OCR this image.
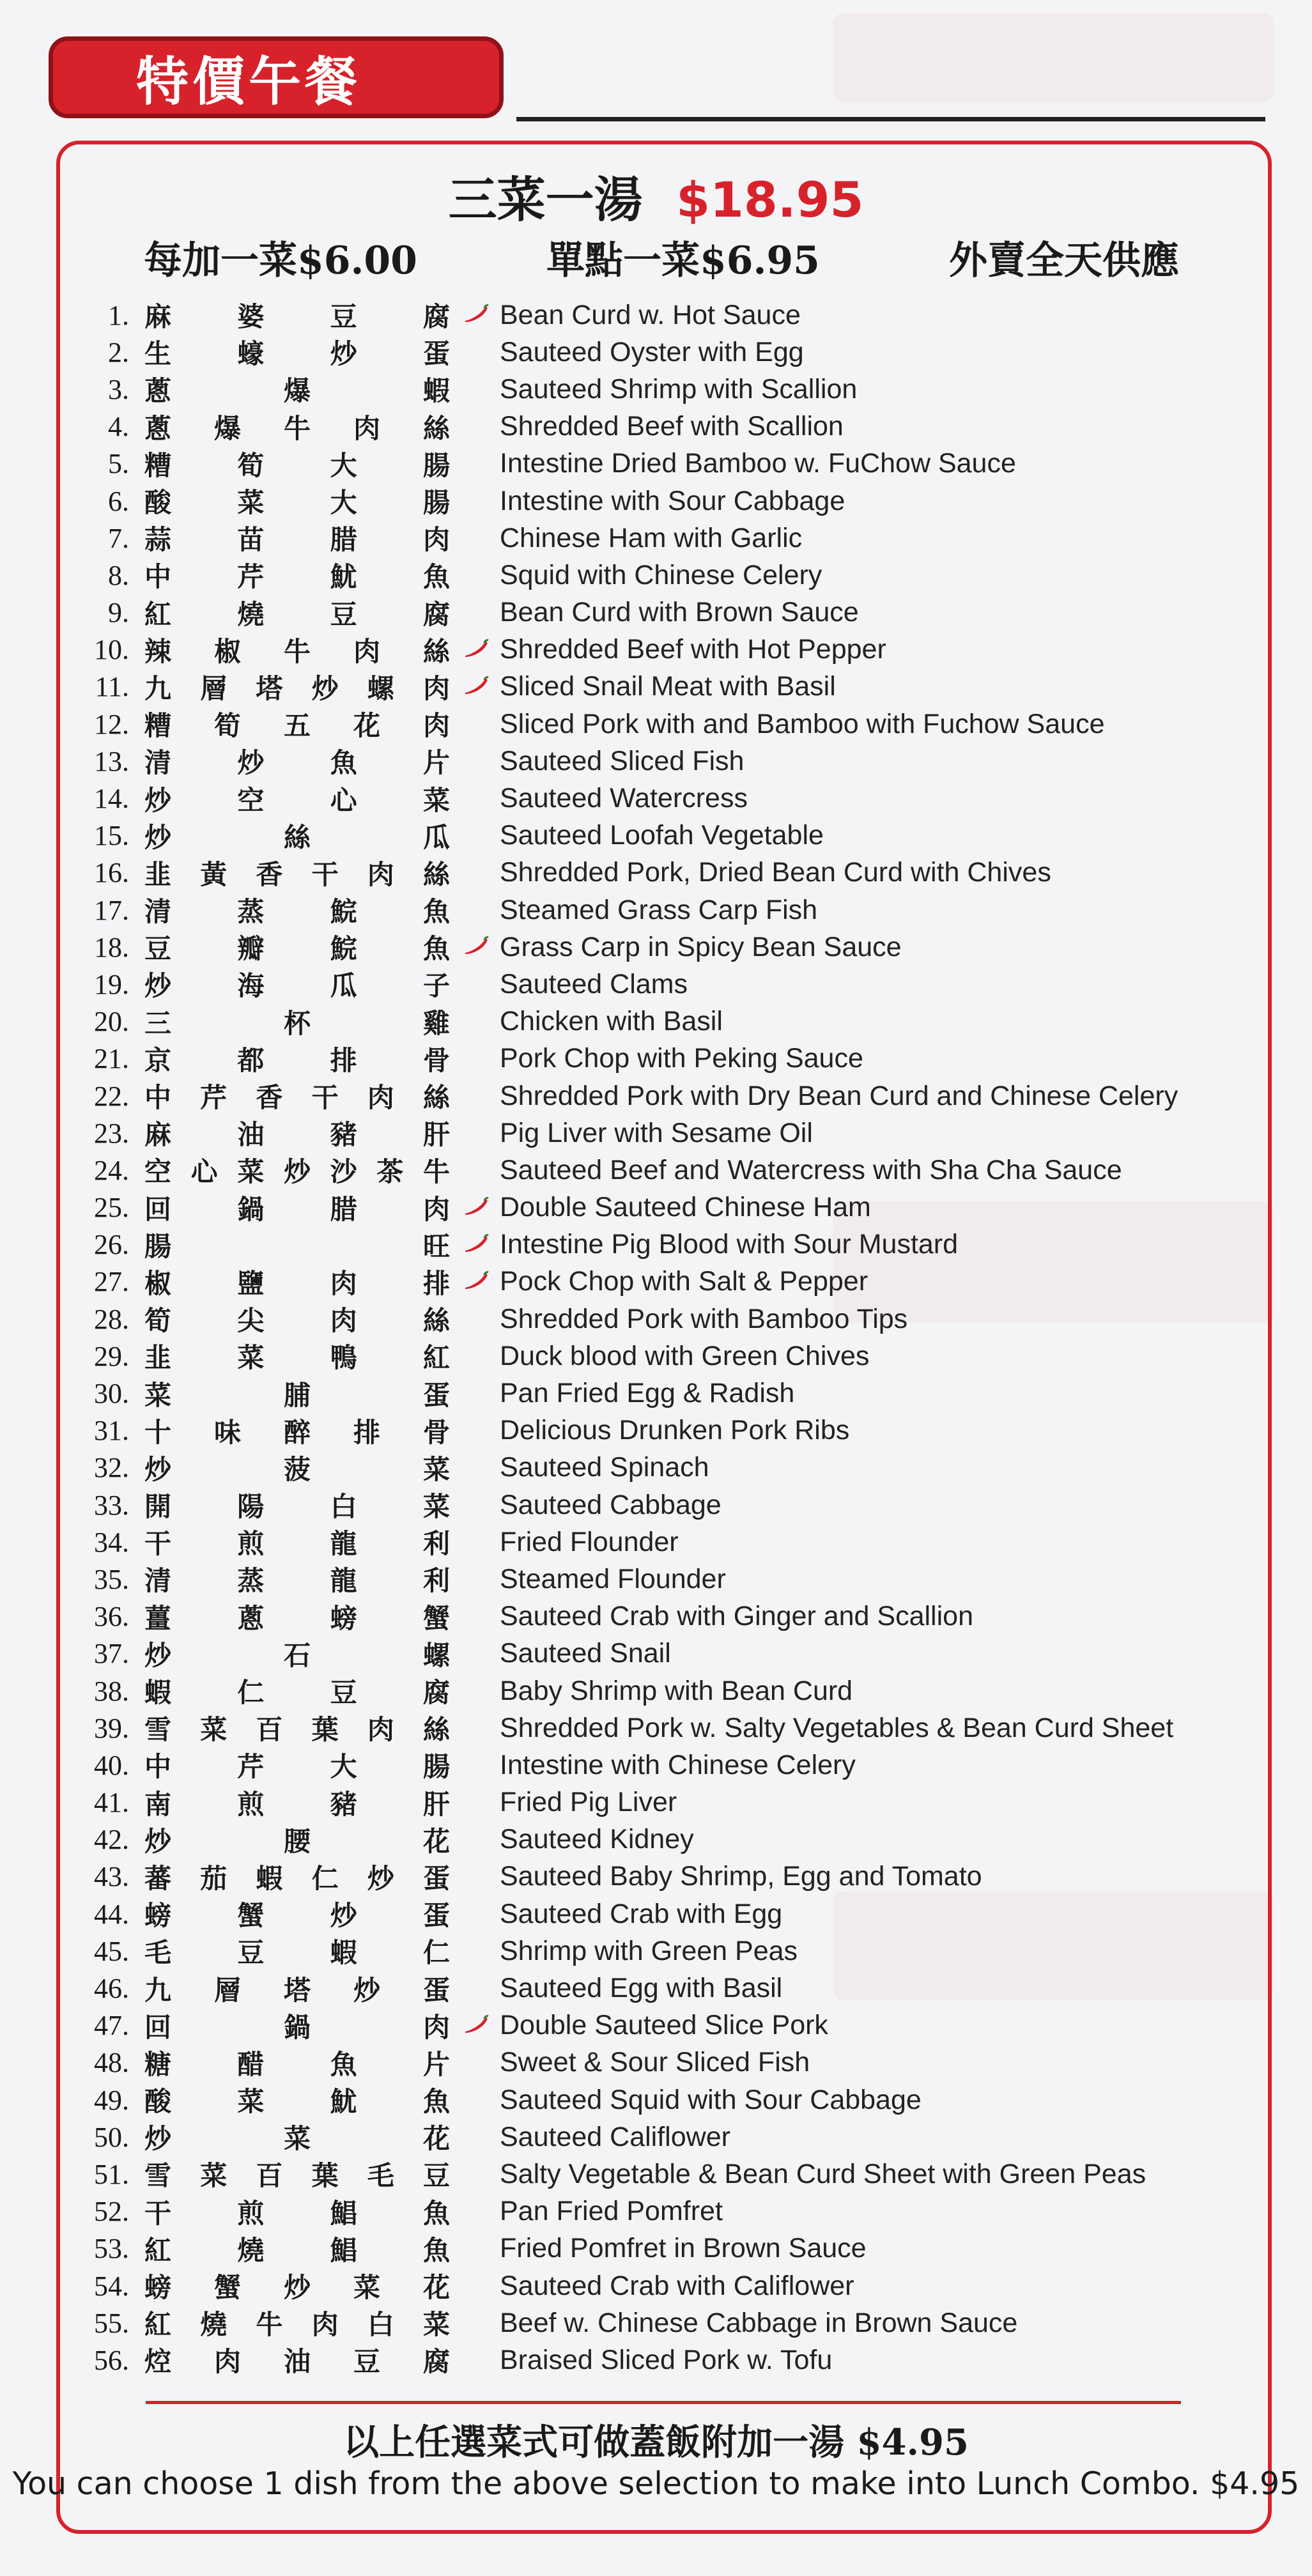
特價午餐
三菜一湯 $18.95
每加一菜$6.00	單點一菜$6.95	外賣全天供應
1. 麻 婆 豆 腐 Bean Curd w. Hot Sauce
2. 生 蠔 炒 蛋 Sauteed Oyster with Egg
3. 蔥	爆	蝦 Sauteed Shrimp with Scallion
4. 蔥 爆 牛 肉 絲 Shredded Beef with Scallion
5. 糟 筍 大 腸 Intestine Dried Bamboo w. FuChow Sauce
6. 酸 菜 大 腸 Intestine with Sour Cabbage
7. 蒜 苗 腊 肉 Chinese Ham with Garlic
8. 中 芹 魷 魚 Squid with Chinese Celery
9. 紅 燒 豆 腐 Bean Curd with Brown Sauce
10. 辣 椒 牛 肉 絲 Shredded Beef with Hot Pepper
11. 九 層 塔 炒 螺 肉 Sliced Snail Meat with Basil
12. 糟 筍 五 花 肉 Sliced Pork with and Bamboo with Fuchow Sauce
13. 清 炒 魚 片 Sauteed Sliced Fish
14. 炒 空 心 菜 Sauteed Watercress
15. 炒	絲	瓜 Sauteed Loofah Vegetable
16. 韭 黃 香 干 肉 絲 Shredded Pork, Dried Bean Curd with Chives
17. 清 蒸 鯇 魚 Steamed Grass Carp Fish
18. 豆 瓣 鯇 魚 Grass Carp in Spicy Bean Sauce
19. 炒 海 瓜 子 Sauteed Clams
20. 三	杯	雞 Chicken with Basil
21. 京 都 排 骨 Pork Chop with Peking Sauce
22. 中 芹 香 干 肉 絲 Shredded Pork with Dry Bean Curd and Chinese Celery
23. 麻 油 豬 肝 Pig Liver with Sesame Oil
24. 空 心 菜 炒 沙 茶 牛 Sauteed Beef and Watercress with Sha Cha Sauce
25. 回 鍋 腊 肉 Double Sauteed Chinese Ham
26. 腸	旺 Intestine Pig Blood with Sour Mustard
27. 椒 鹽 肉 排 Pock Chop with Salt & Pepper
28. 筍 尖 肉 絲 Shredded Pork with Bamboo Tips
29. 韭 菜 鴨 紅 Duck blood with Green Chives
30. 菜	脯	蛋 Pan Fried Egg & Radish
31. 十 味 醉 排 骨 Delicious Drunken Pork Ribs
32. 炒	菠	菜 Sauteed Spinach
33. 開 陽 白 菜 Sauteed Cabbage
34. 干 煎 龍 利 Fried Flounder
35. 清 蒸 龍 利 Steamed Flounder
36. 薑 蔥 螃 蟹 Sauteed Crab with Ginger and Scallion
37. 炒	石	螺 Sauteed Snail
38. 蝦 仁 豆 腐 Baby Shrimp with Bean Curd
39. 雪 菜 百 葉 肉 絲 Shredded Pork w. Salty Vegetables & Bean Curd Sheet
40. 中 芹 大 腸 Intestine with Chinese Celery
41. 南 煎 豬 肝 Fried Pig Liver
42. 炒	腰	花 Sauteed Kidney
43. 蕃 茄 蝦 仁 炒 蛋 Sauteed Baby Shrimp, Egg and Tomato
44. 螃 蟹 炒 蛋 Sauteed Crab with Egg
45. 毛 豆 蝦 仁 Shrimp with Green Peas
46. 九 層 塔 炒 蛋 Sauteed Egg with Basil
47. 回	鍋	肉 Double Sauteed Slice Pork
48. 糖 醋 魚 片 Sweet & Sour Sliced Fish
49. 酸 菜 魷 魚 Sauteed Squid with Sour Cabbage
50. 炒	菜	花 Sauteed Califlower
51. 雪 菜 百 葉 毛 豆 Salty Vegetable & Bean Curd Sheet with Green Peas
52. 干 煎 鯧 魚 Pan Fried Pomfret
53. 紅 燒 鯧 魚 Fried Pomfret in Brown Sauce
54. 螃 蟹 炒 菜 花 Sauteed Crab with Califlower
55. 紅 燒 牛 肉 白 菜 Beef w. Chinese Cabbage in Brown Sauce
56. 焢 肉 油 豆 腐 Braised Sliced Pork w. Tofu
以上任選菜式可做蓋飯附加一湯 $4.95
You can choose 1 dish from the above selection to make into Lunch Combo. $4.95
